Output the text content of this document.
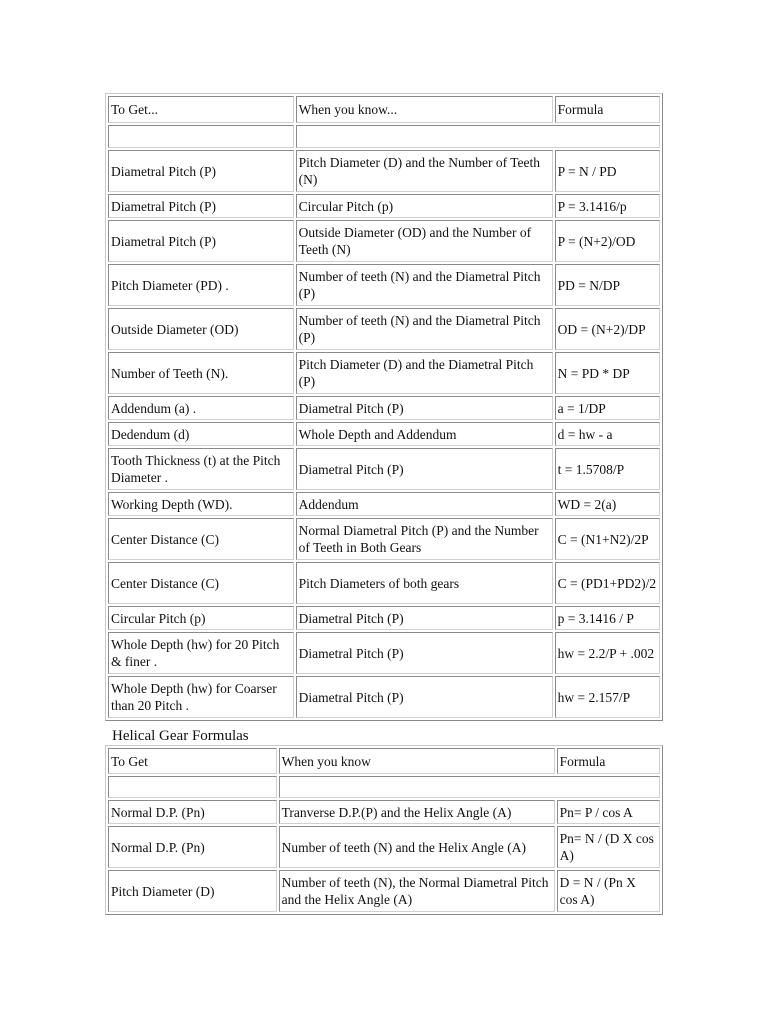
To Get...	When you know...	Formula

Diametral Pitch (P)	Pitch Diameter (D) and the Number of Teeth (N)	P = N / PD
Diametral Pitch (P)	Circular Pitch (p)	P = 3.1416/p
Diametral Pitch (P)	Outside Diameter (OD) and the Number of Teeth (N)	P = (N+2)/OD
Pitch Diameter (PD) .	Number of teeth (N) and the Diametral Pitch (P)	PD = N/DP
Outside Diameter (OD)	Number of teeth (N) and the Diametral Pitch (P)	OD = (N+2)/DP
Number of Teeth (N).	Pitch Diameter (D) and the Diametral Pitch (P)	N = PD * DP
Addendum (a) .	Diametral Pitch (P)	a = 1/DP
Dedendum (d)	Whole Depth and Addendum	d = hw - a
Tooth Thickness (t) at the Pitch Diameter .	Diametral Pitch (P)	t = 1.5708/P
Working Depth (WD).	Addendum	WD = 2(a)
Center Distance (C)	Normal Diametral Pitch (P) and the Number of Teeth in Both Gears	C = (N1+N2)/2P
Center Distance (C)	Pitch Diameters of both gears	C = (PD1+PD2)/2
Circular Pitch (p)	Diametral Pitch (P)	p = 3.1416 / P
Whole Depth (hw) for 20 Pitch & finer .	Diametral Pitch (P)	hw = 2.2/P + .002
Whole Depth (hw) for Coarser than 20 Pitch .	Diametral Pitch (P)	hw = 2.157/P
Helical Gear Formulas
To Get	When you know	Formula

Normal D.P. (Pn)	Tranverse D.P.(P) and the Helix Angle (A)	Pn= P / cos A
Normal D.P. (Pn)	Number of teeth (N) and the Helix Angle (A)	Pn= N / (D X cos A)
Pitch Diameter (D)	Number of teeth (N), the Normal Diametral Pitch and the Helix Angle (A)	D = N / (Pn X cos A)
